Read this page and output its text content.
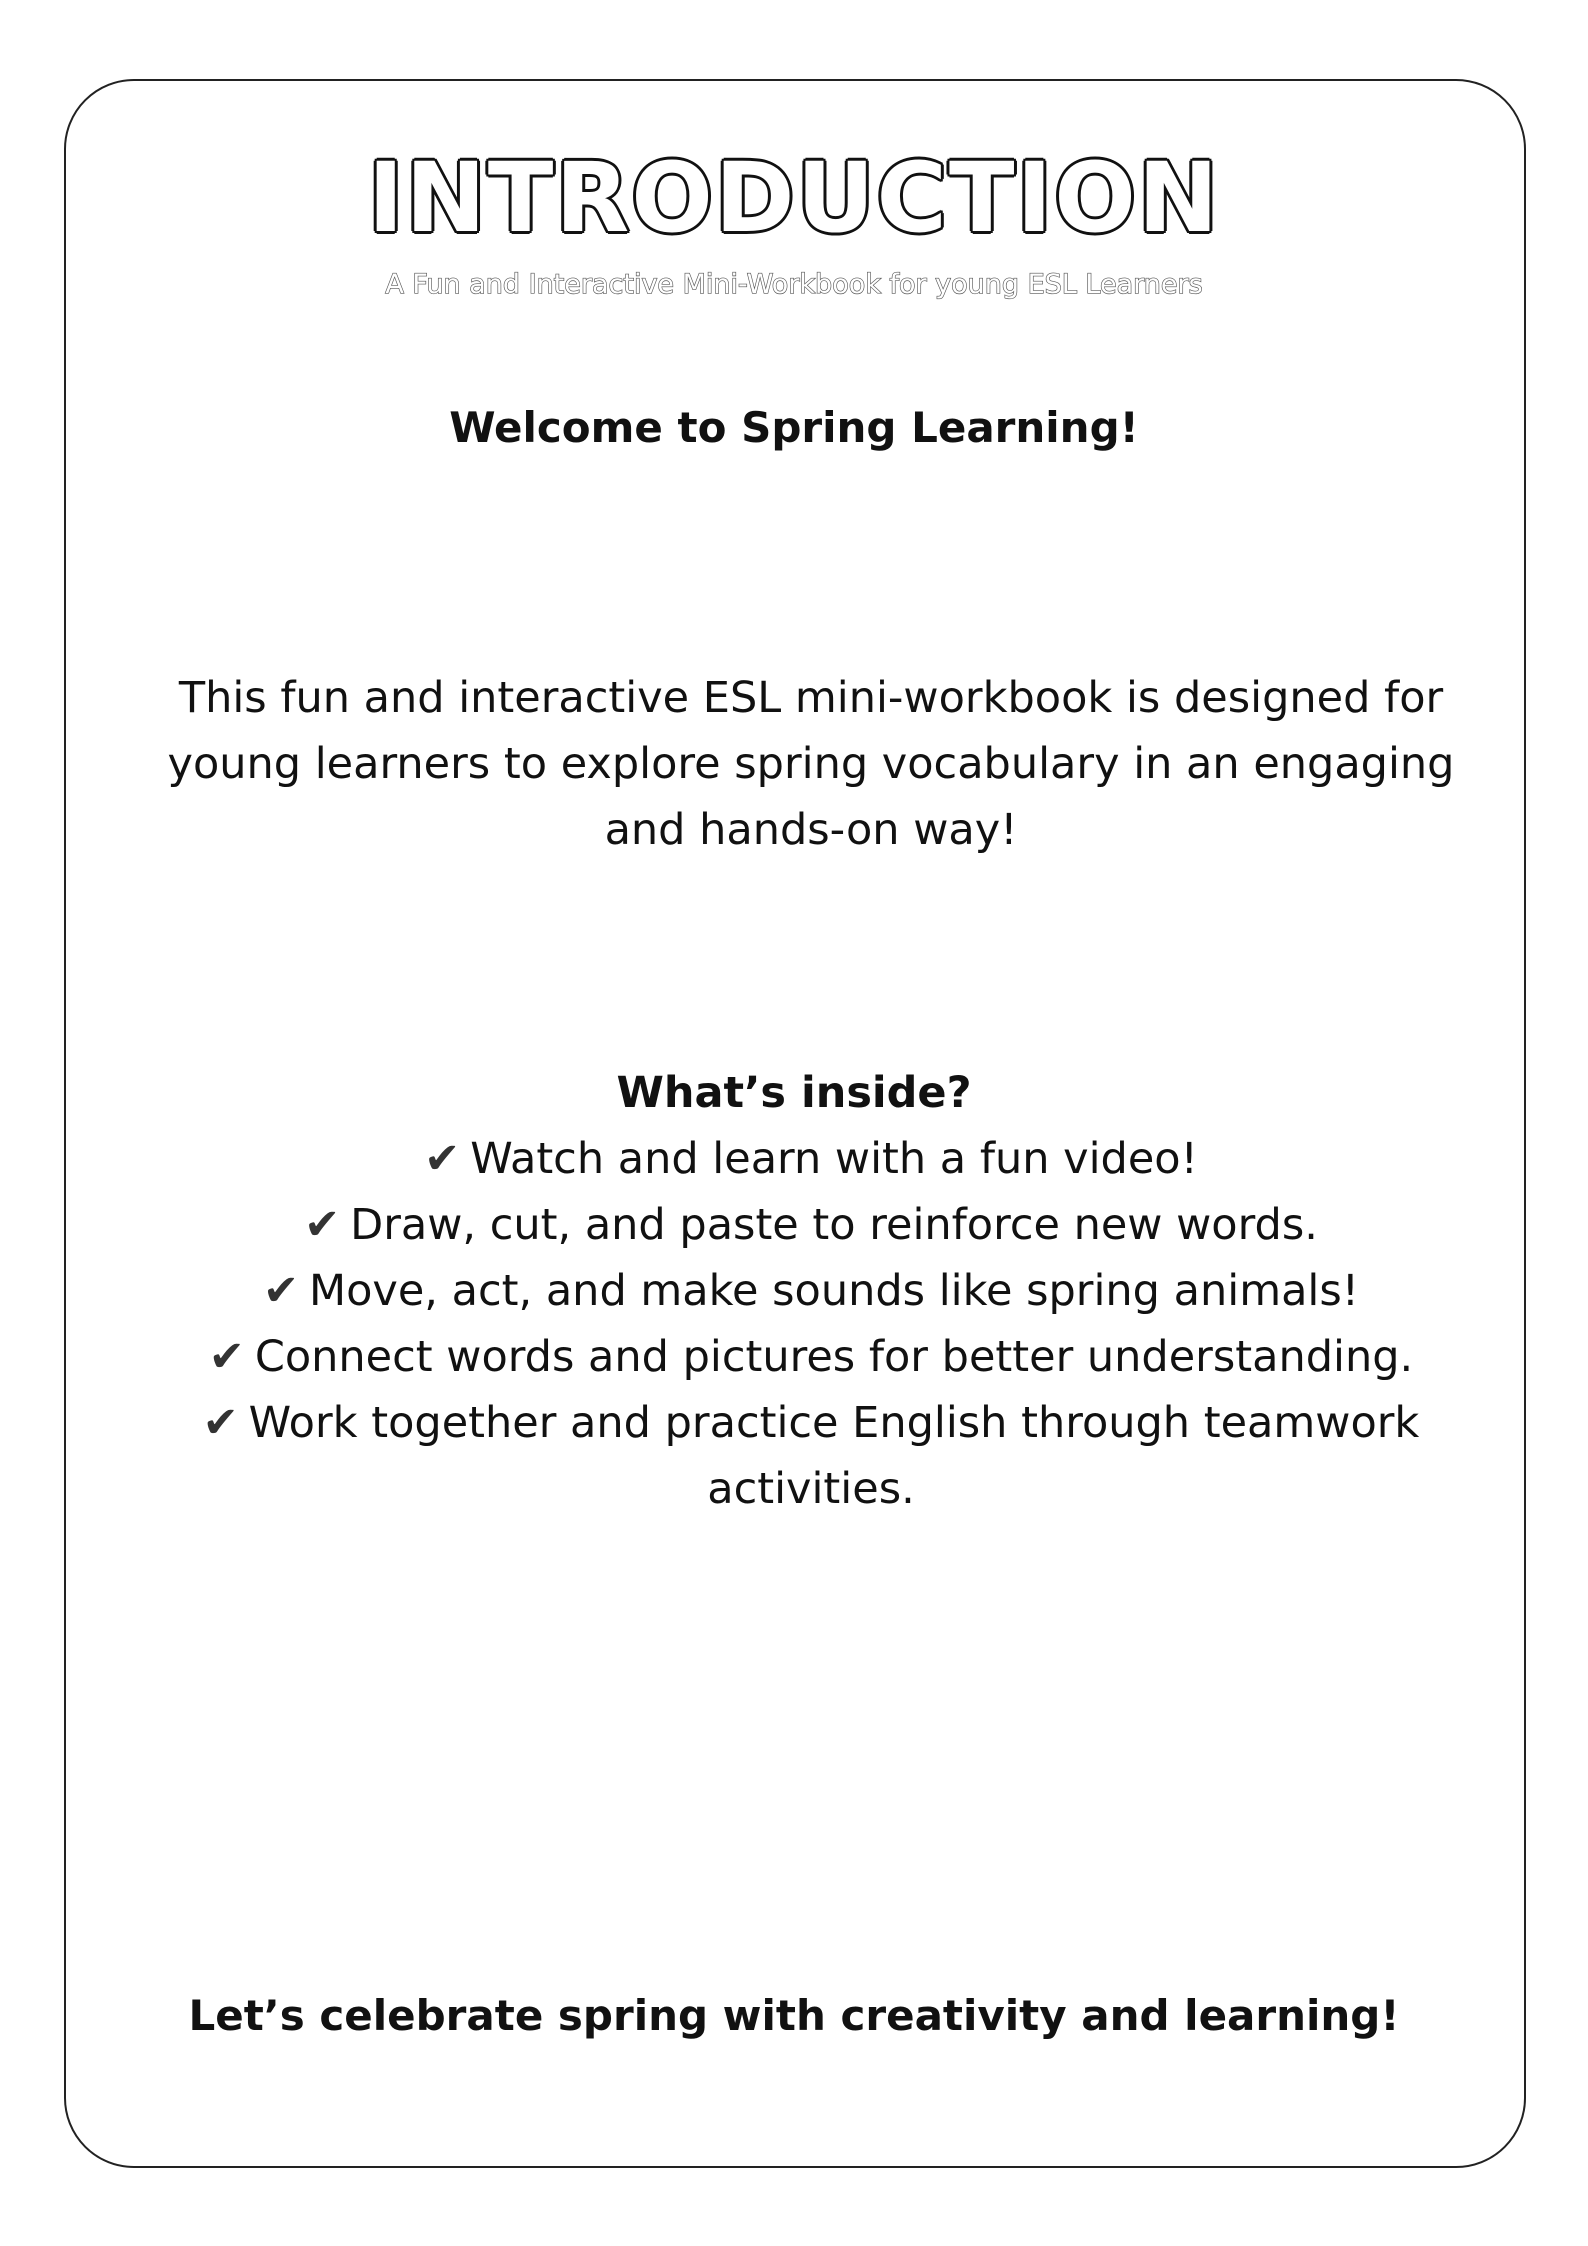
INTRODUCTION
A Fun and Interactive Mini-Workbook for young ESL Learners
Welcome to Spring Learning!
This fun and interactive ESL mini-workbook is designed for young learners to explore spring vocabulary in an engaging and hands-on way!
What’s inside?
✔ Watch and learn with a fun video!
✔ Draw, cut, and paste to reinforce new words.
✔ Move, act, and make sounds like spring animals!
✔ Connect words and pictures for better understanding.
✔ Work together and practice English through teamwork activities.
Let’s celebrate spring with creativity and learning!
